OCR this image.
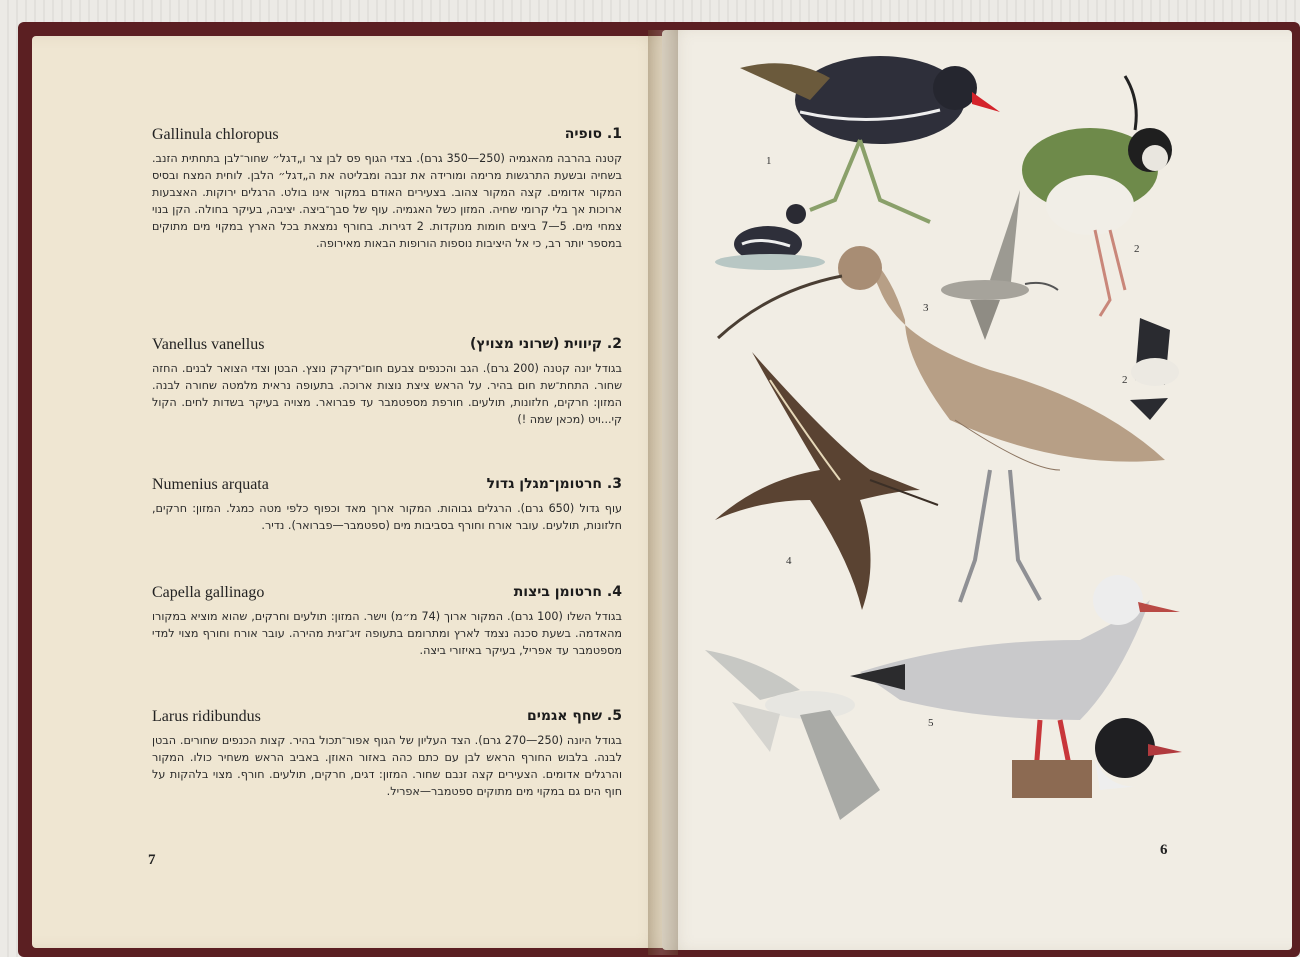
Gallinula chloropus	1. סופיה
קטנה בהרבה מהאגמיה (250—350 גרם). בצדי הגוף פס לבן צר ו„דגל״ שחור־לבן בתחתית הזנב. בשחיה ובשעת התרגשות מרימה ומורידה את זנבה ומבליטה את ה„דגל״ הלבן. לוחית המצח ובסיס המקור אדומים. קצה המקור צהוב. בצעירים האודם במקור אינו בולט. הרגלים ירוקות. האצבעות ארוכות אך בלי קרומי שחיה. המזון כשל האגמיה. עוף של סבך־ביצה. יציבה, בעיקר בחולה. הקן בנוי צמחי מים. 5—7 ביצים חומות מנוקדות. 2 דגירות. בחורף נמצאת בכל הארץ במקוי מים מתוקים במספר יותר רב, כי אל היציבות נוספות הורופות הבאות מאירופה.
Vanellus vanellus	2. קיווית (שרוני מצויץ)
בגודל יונה קטנה (200 גרם). הגב והכנפים צבעם חום־ירקרק נוצץ. הבטן וצדי הצואר לבנים. החזה שחור. התחת־שת חום בהיר. על הראש ציצת נוצות ארוכה. בתעופה נראית מלמטה שחורה לבנה. המזון: חרקים, חלזונות, תולעים. חורפת מספטמבר עד פברואר. מצויה בעיקר בשדות לחים. הקול קי...ויט (מכאן שמה !)
Numenius arquata	3. חרטומן־מגלן גדול
עוף גדול (650 גרם). הרגלים גבוהות. המקור ארוך מאד וכפוף כלפי מטה כמגל. המזון: חרקים, חלזונות, תולעים. עובר אורח וחורף בסביבות מים (ספטמבר—פברואר). נדיר.
Capella gallinago	4. חרטומן ביצות
בגודל השלו (100 גרם). המקור ארוך (74 מ״מ) וישר. המזון: תולעים וחרקים, שהוא מוציא במקורו מהאדמה. בשעת סכנה נצמד לארץ ומתרומם בתעופה זיג־זגית מהירה. עובר אורח וחורף מצוי למדי מספטמבר עד אפריל, בעיקר באיזורי ביצה.
Larus ridibundus	5. שחף אגמים
בגודל היונה (250—270 גרם). הצד העליון של הגוף אפור־תכול בהיר. קצות הכנפים שחורים. הבטן לבנה. בלבוש החורף הראש לבן עם כתם כהה באזור האוזן. באביב הראש משחיר כולו. המקור והרגלים אדומים. הצעירים קצה זנבם שחור. המזון: דגים, חרקים, תולעים. חורף. מצוי בלהקות על חוף הים גם במקוי מים מתוקים ספטמבר—אפריל.
7
1
2
3
2
4
5
6
